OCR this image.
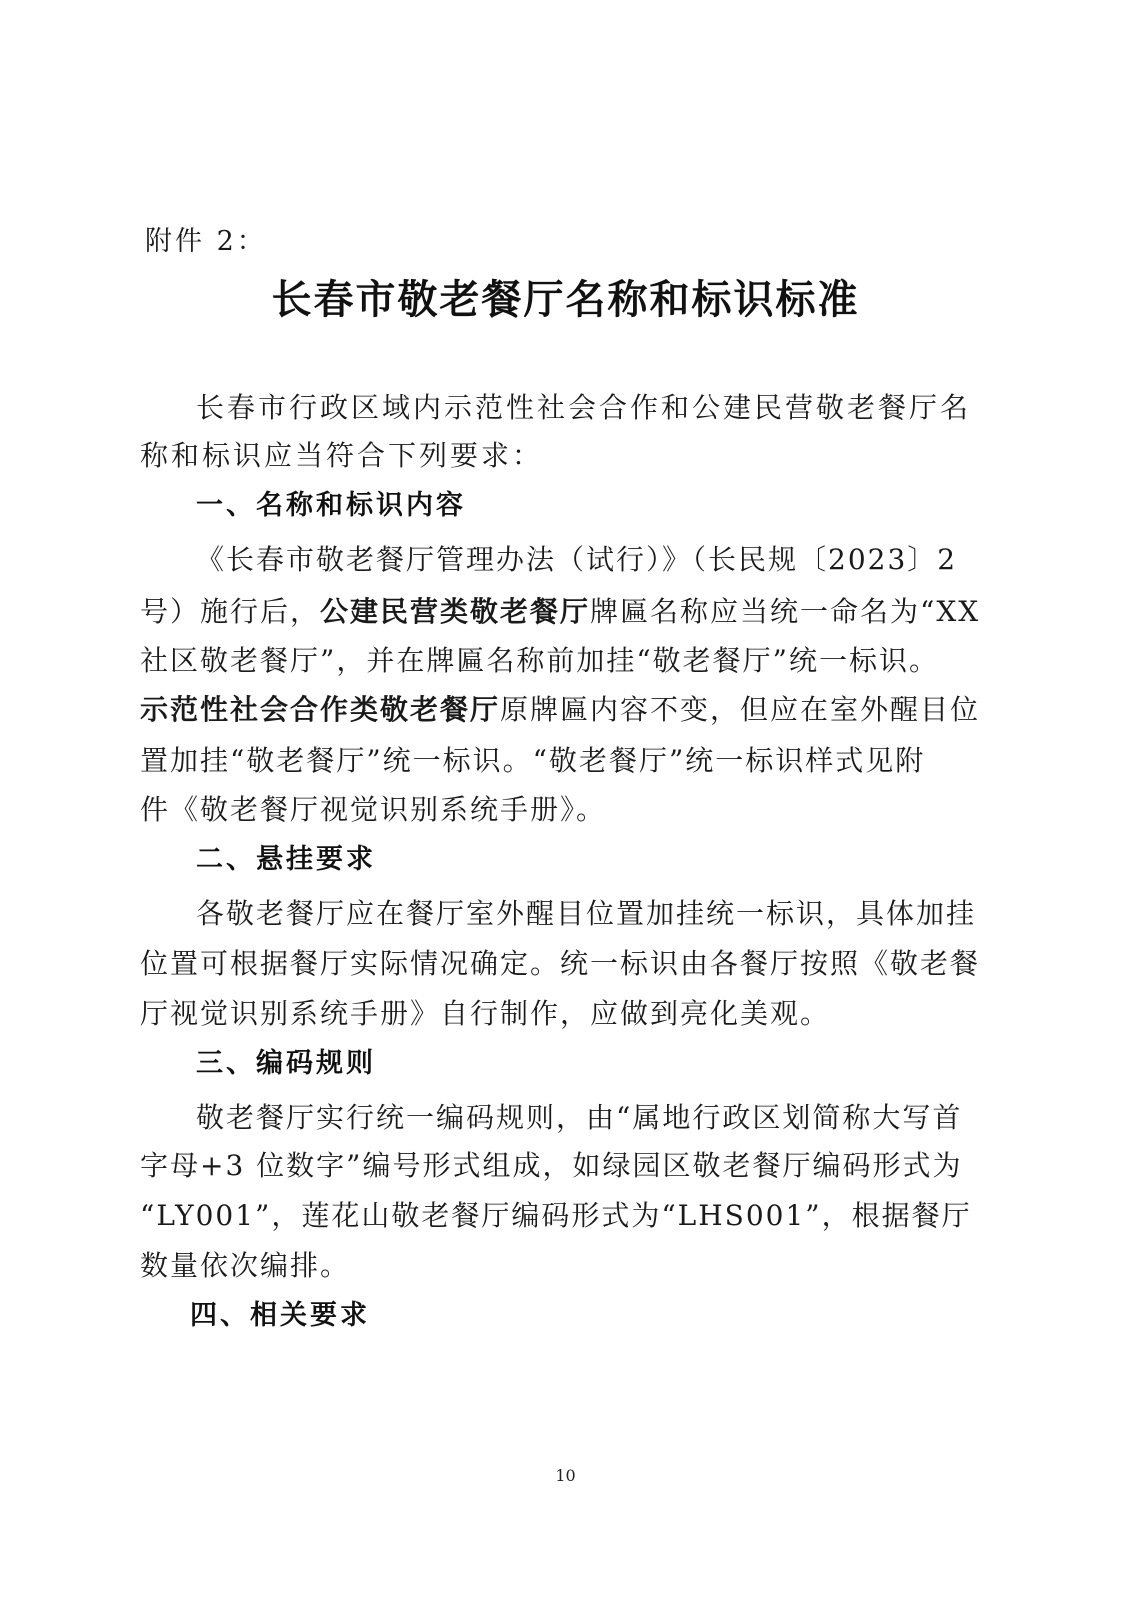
附件 2：
长春市敬老餐厅名称和标识标准
长春市行政区域内示范性社会合作和公建民营敬老餐厅名
称和标识应当符合下列要求：
一、名称和标识内容
《长春市敬老餐厅管理办法（试行）》（长民规〔2023〕2
号）施行后，公建民营类敬老餐厅牌匾名称应当统一命名为“XX
社区敬老餐厅”，并在牌匾名称前加挂“敬老餐厅”统一标识。
示范性社会合作类敬老餐厅原牌匾内容不变，但应在室外醒目位
置加挂“敬老餐厅”统一标识。“敬老餐厅”统一标识样式见附
件《敬老餐厅视觉识别系统手册》。
二、悬挂要求
各敬老餐厅应在餐厅室外醒目位置加挂统一标识，具体加挂
位置可根据餐厅实际情况确定。统一标识由各餐厅按照《敬老餐
厅视觉识别系统手册》自行制作，应做到亮化美观。
三、编码规则
敬老餐厅实行统一编码规则，由“属地行政区划简称大写首
字母+3 位数字”编号形式组成，如绿园区敬老餐厅编码形式为
“LY001”，莲花山敬老餐厅编码形式为“LHS001”，根据餐厅
数量依次编排。
四、相关要求
10
